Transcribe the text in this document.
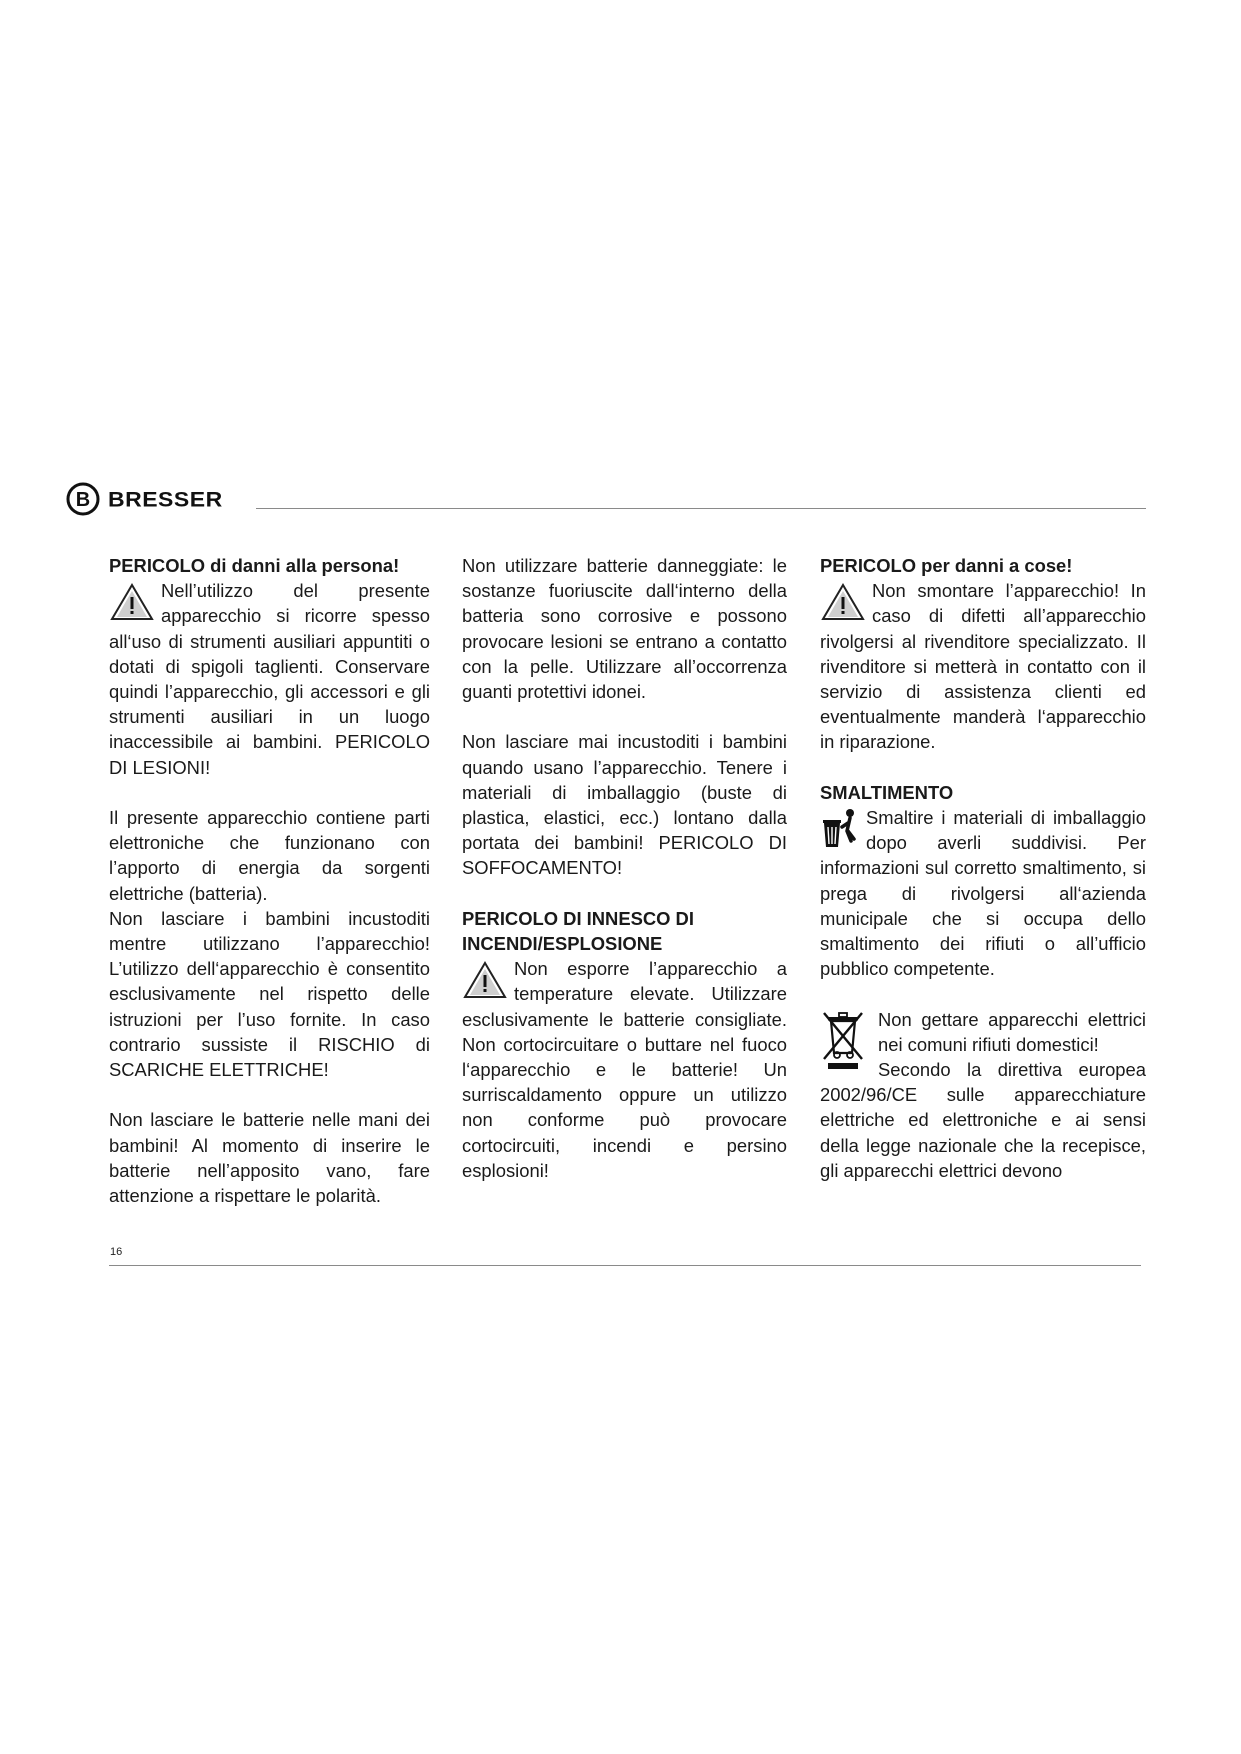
B BRESSER
PERICOLO di danni alla persona!

Nell’utilizzo del presente apparecchio si ricorre spesso all‘uso di strumenti ausiliari appuntiti o dotati di spigoli taglienti. Conservare quindi l’apparecchio, gli accessori e gli strumenti ausiliari in un luogo inaccessibile ai bambini. PERICOLO DI LESIONI!

Il presente apparecchio contiene parti elettroniche che funzionano con l’apporto di energia da sorgenti elettriche (batteria).

Non lasciare i bambini incustoditi mentre utilizzano l’apparecchio! L’utilizzo dell‘apparecchio è consentito esclusivamente nel rispetto delle istruzioni per l’uso fornite. In caso contrario sussiste il RISCHIO di SCARICHE ELETTRICHE!

Non lasciare le batterie nelle mani dei bambini! Al momento di inserire le batterie nell’apposito vano, fare attenzione a rispettare le polarità.

Non utilizzare batterie danneggiate: le sostanze fuoriuscite dall‘interno della batteria sono corrosive e possono provocare lesioni se entrano a contatto con la pelle. Utilizzare all’occorrenza guanti protettivi idonei.

Non lasciare mai incustoditi i bambini quando usano l’apparecchio. Tenere i materiali di imballaggio (buste di plastica, elastici, ecc.) lontano dalla portata dei bambini! PERICOLO DI SOFFOCAMENTO!

PERICOLO DI INNESCO DI INCENDI/ESPLOSIONE

Non esporre l’apparecchio a temperature elevate. Utilizzare esclusivamente le batterie consigliate. Non cortocircuitare o buttare nel fuoco l‘apparecchio e le batterie! Un surriscaldamento oppure un utilizzo non conforme può provocare cortocircuiti, incendi e persino esplosioni!

PERICOLO per danni a cose!

Non smontare l’apparecchio! In caso di difetti all’apparecchio rivolgersi al rivenditore specializzato. Il rivenditore si metterà in contatto con il servizio di assistenza clienti ed eventualmente manderà l‘apparecchio in riparazione.

SMALTIMENTO

Smaltire i materiali di imballaggio dopo averli suddivisi. Per informazioni sul corretto smaltimento, si prega di rivolgersi all‘azienda municipale che si occupa dello smaltimento dei rifiuti o all’ufficio pubblico competente.

Non gettare apparecchi elettrici nei comuni rifiuti domestici!

Secondo la direttiva europea 2002/96/CE sulle apparecchiature elettriche ed elettroniche e ai sensi della legge nazionale che la recepisce, gli apparecchi elettrici devono

16
